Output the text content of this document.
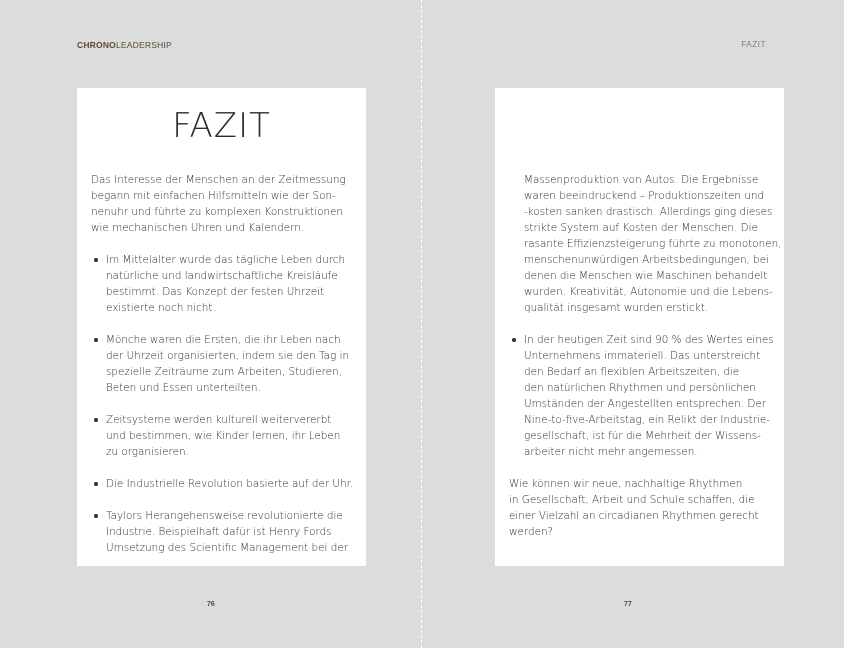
CHRONOLEADERSHIP
FAZIT
Das Interesse der Menschen an der Zeitmessung
begann mit einfachen Hilfsmitteln wie der Son-
nenuhr und führte zu komplexen Konstruktionen
wie mechanischen Uhren und Kalendern.
Im Mittelalter wurde das tägliche Leben durch
natürliche und landwirtschaftliche Kreisläufe
bestimmt. Das Konzept der festen Uhrzeit
existierte noch nicht.
Mönche waren die Ersten, die ihr Leben nach
der Uhrzeit organisierten, indem sie den Tag in
spezielle Zeiträume zum Arbeiten, Studieren,
Beten und Essen unterteilten.
Zeitsysteme werden kulturell weitervererbt
und bestimmen, wie Kinder lernen, ihr Leben
zu organisieren.
Die Industrielle Revolution basierte auf der Uhr.
Taylors Herangehensweise revolutionierte die
Industrie. Beispielhaft dafür ist Henry Fords
Umsetzung des Scientific Management bei der
76
FAZIT
Massenproduktion von Autos. Die Ergebnisse
waren beeindruckend – Produktionszeiten und
-kosten sanken drastisch. Allerdings ging dieses
strikte System auf Kosten der Menschen. Die
rasante Effizienzsteigerung führte zu monotonen,
menschenunwürdigen Arbeitsbedingungen, bei
denen die Menschen wie Maschinen behandelt
wurden. Kreativität, Autonomie und die Lebens-
qualität insgesamt wurden erstickt.
In der heutigen Zeit sind 90 % des Wertes eines
Unternehmens immateriell. Das unterstreicht
den Bedarf an flexiblen Arbeitszeiten, die
den natürlichen Rhythmen und persönlichen
Umständen der Angestellten entsprechen. Der
Nine-to-five-Arbeitstag, ein Relikt der Industrie-
gesellschaft, ist für die Mehrheit der Wissens-
arbeiter nicht mehr angemessen.
Wie können wir neue, nachhaltige Rhythmen
in Gesellschaft, Arbeit und Schule schaffen, die
einer Vielzahl an circadianen Rhythmen gerecht
werden?
77
